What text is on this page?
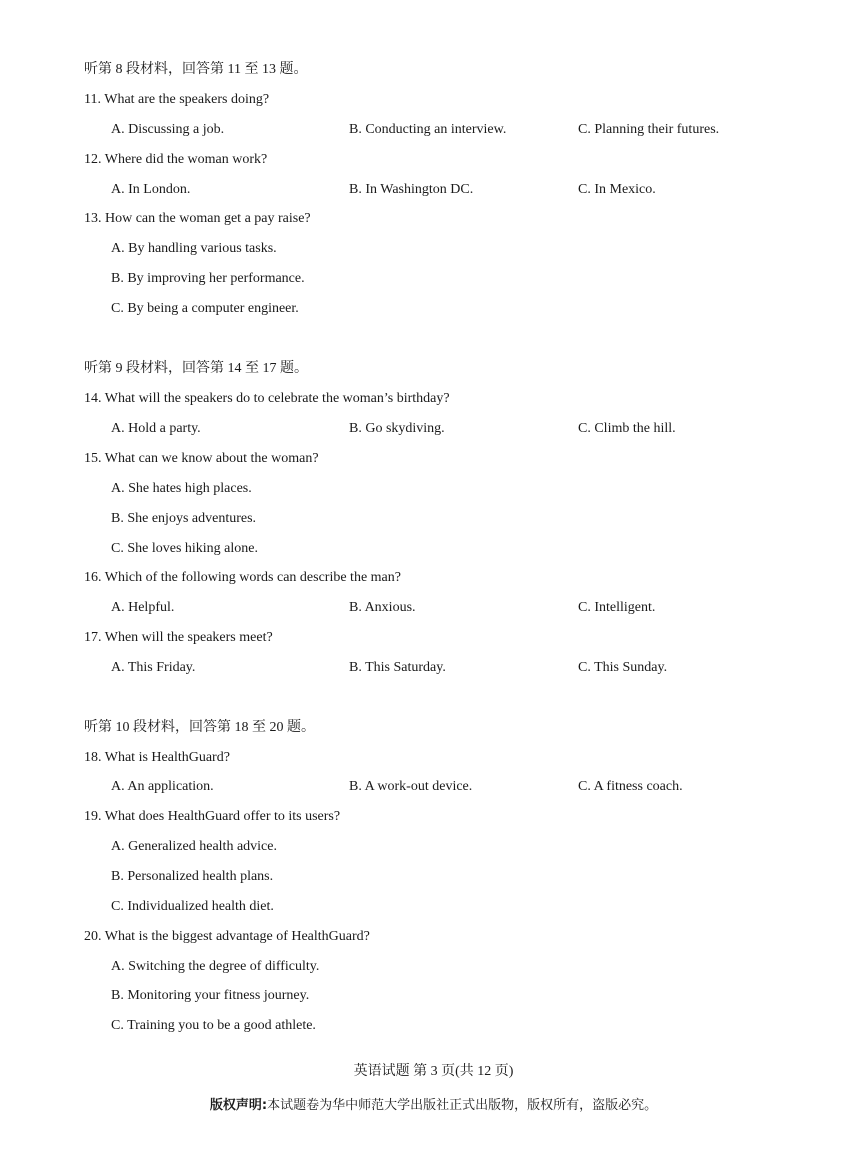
听第 8 段材料，回答第 11 至 13 题。
11. What are the speakers doing?
A. Discussing a job.	B. Conducting an interview.	C. Planning their futures.
12. Where did the woman work?
A. In London.	B. In Washington DC.	C. In Mexico.
13. How can the woman get a pay raise?
A. By handling various tasks.
B. By improving her performance.
C. By being a computer engineer.
听第 9 段材料，回答第 14 至 17 题。
14. What will the speakers do to celebrate the woman’s birthday?
A. Hold a party.	B. Go skydiving.	C. Climb the hill.
15. What can we know about the woman?
A. She hates high places.
B. She enjoys adventures.
C. She loves hiking alone.
16. Which of the following words can describe the man?
A. Helpful.	B. Anxious.	C. Intelligent.
17. When will the speakers meet?
A. This Friday.	B. This Saturday.	C. This Sunday.
听第 10 段材料，回答第 18 至 20 题。
18. What is HealthGuard?
A. An application.	B. A work-out device.	C. A fitness coach.
19. What does HealthGuard offer to its users?
A. Generalized health advice.
B. Personalized health plans.
C. Individualized health diet.
20. What is the biggest advantage of HealthGuard?
A. Switching the degree of difficulty.
B. Monitoring your fitness journey.
C. Training you to be a good athlete.
英语试题 第 3 页(共 12 页)
版权声明:本试题卷为华中师范大学出版社正式出版物，版权所有，盗版必究。
